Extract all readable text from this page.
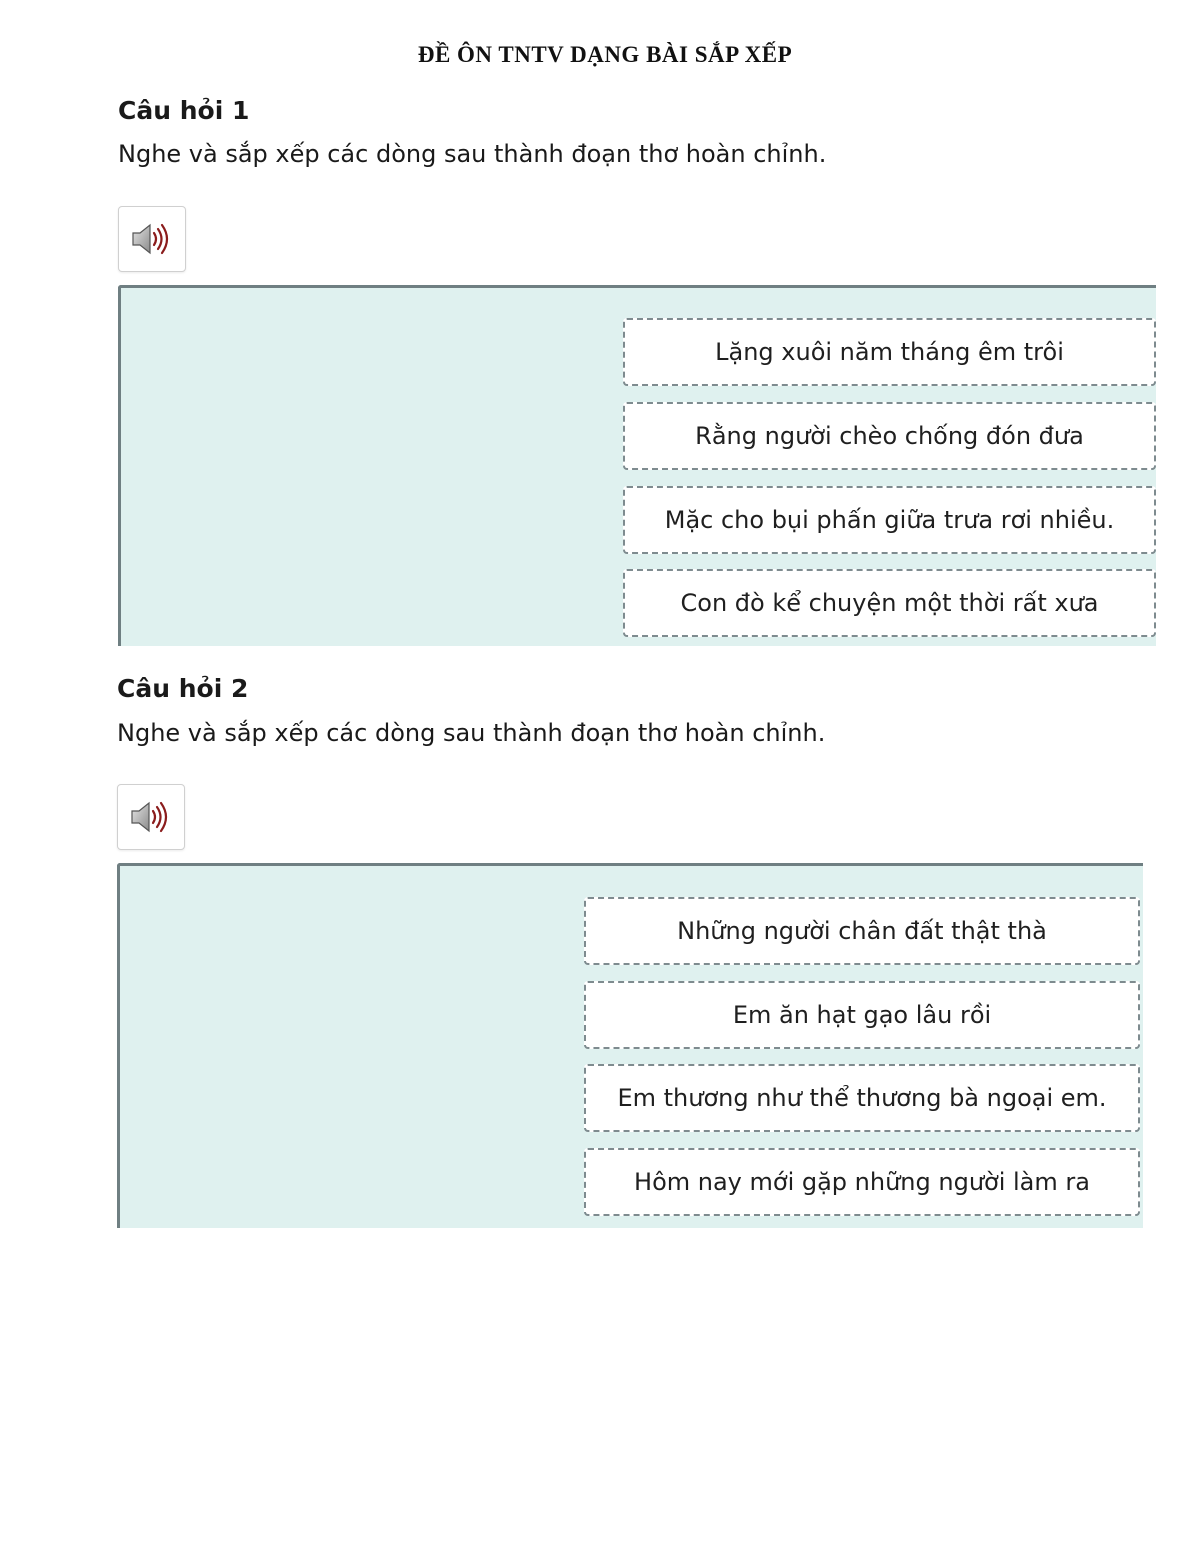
ĐỀ ÔN TNTV DẠNG BÀI SẮP XẾP
Câu hỏi 1
Nghe và sắp xếp các dòng sau thành đoạn thơ hoàn chỉnh.
Lặng xuôi năm tháng êm trôi
Rằng người chèo chống đón đưa
Mặc cho bụi phấn giữa trưa rơi nhiều.
Con đò kể chuyện một thời rất xưa
Câu hỏi 2
Nghe và sắp xếp các dòng sau thành đoạn thơ hoàn chỉnh.
Những người chân đất thật thà
Em ăn hạt gạo lâu rồi
Em thương như thể thương bà ngoại em.
Hôm nay mới gặp những người làm ra
